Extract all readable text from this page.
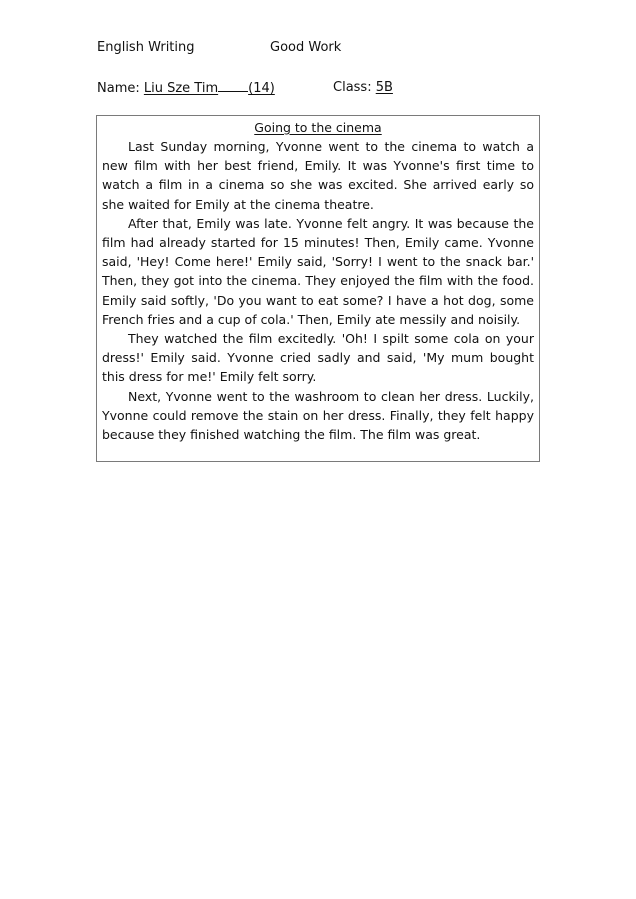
English Writing	Good Work
Name: Liu Sze Tim (14)	Class: 5B

Going to the cinema

Last Sunday morning, Yvonne went to the cinema to watch a new film with her best friend, Emily. It was Yvonne's first time to watch a film in a cinema so she was excited. She arrived early so she waited for Emily at the cinema theatre.

After that, Emily was late. Yvonne felt angry. It was because the film had already started for 15 minutes! Then, Emily came. Yvonne said, 'Hey! Come here!' Emily said, 'Sorry! I went to the snack bar.' Then, they got into the cinema. They enjoyed the film with the food. Emily said softly, 'Do you want to eat some? I have a hot dog, some French fries and a cup of cola.' Then, Emily ate messily and noisily.

They watched the film excitedly. 'Oh! I spilt some cola on your dress!' Emily said. Yvonne cried sadly and said, 'My mum bought this dress for me!' Emily felt sorry.

Next, Yvonne went to the washroom to clean her dress. Luckily, Yvonne could remove the stain on her dress. Finally, they felt happy because they finished watching the film. The film was great.
